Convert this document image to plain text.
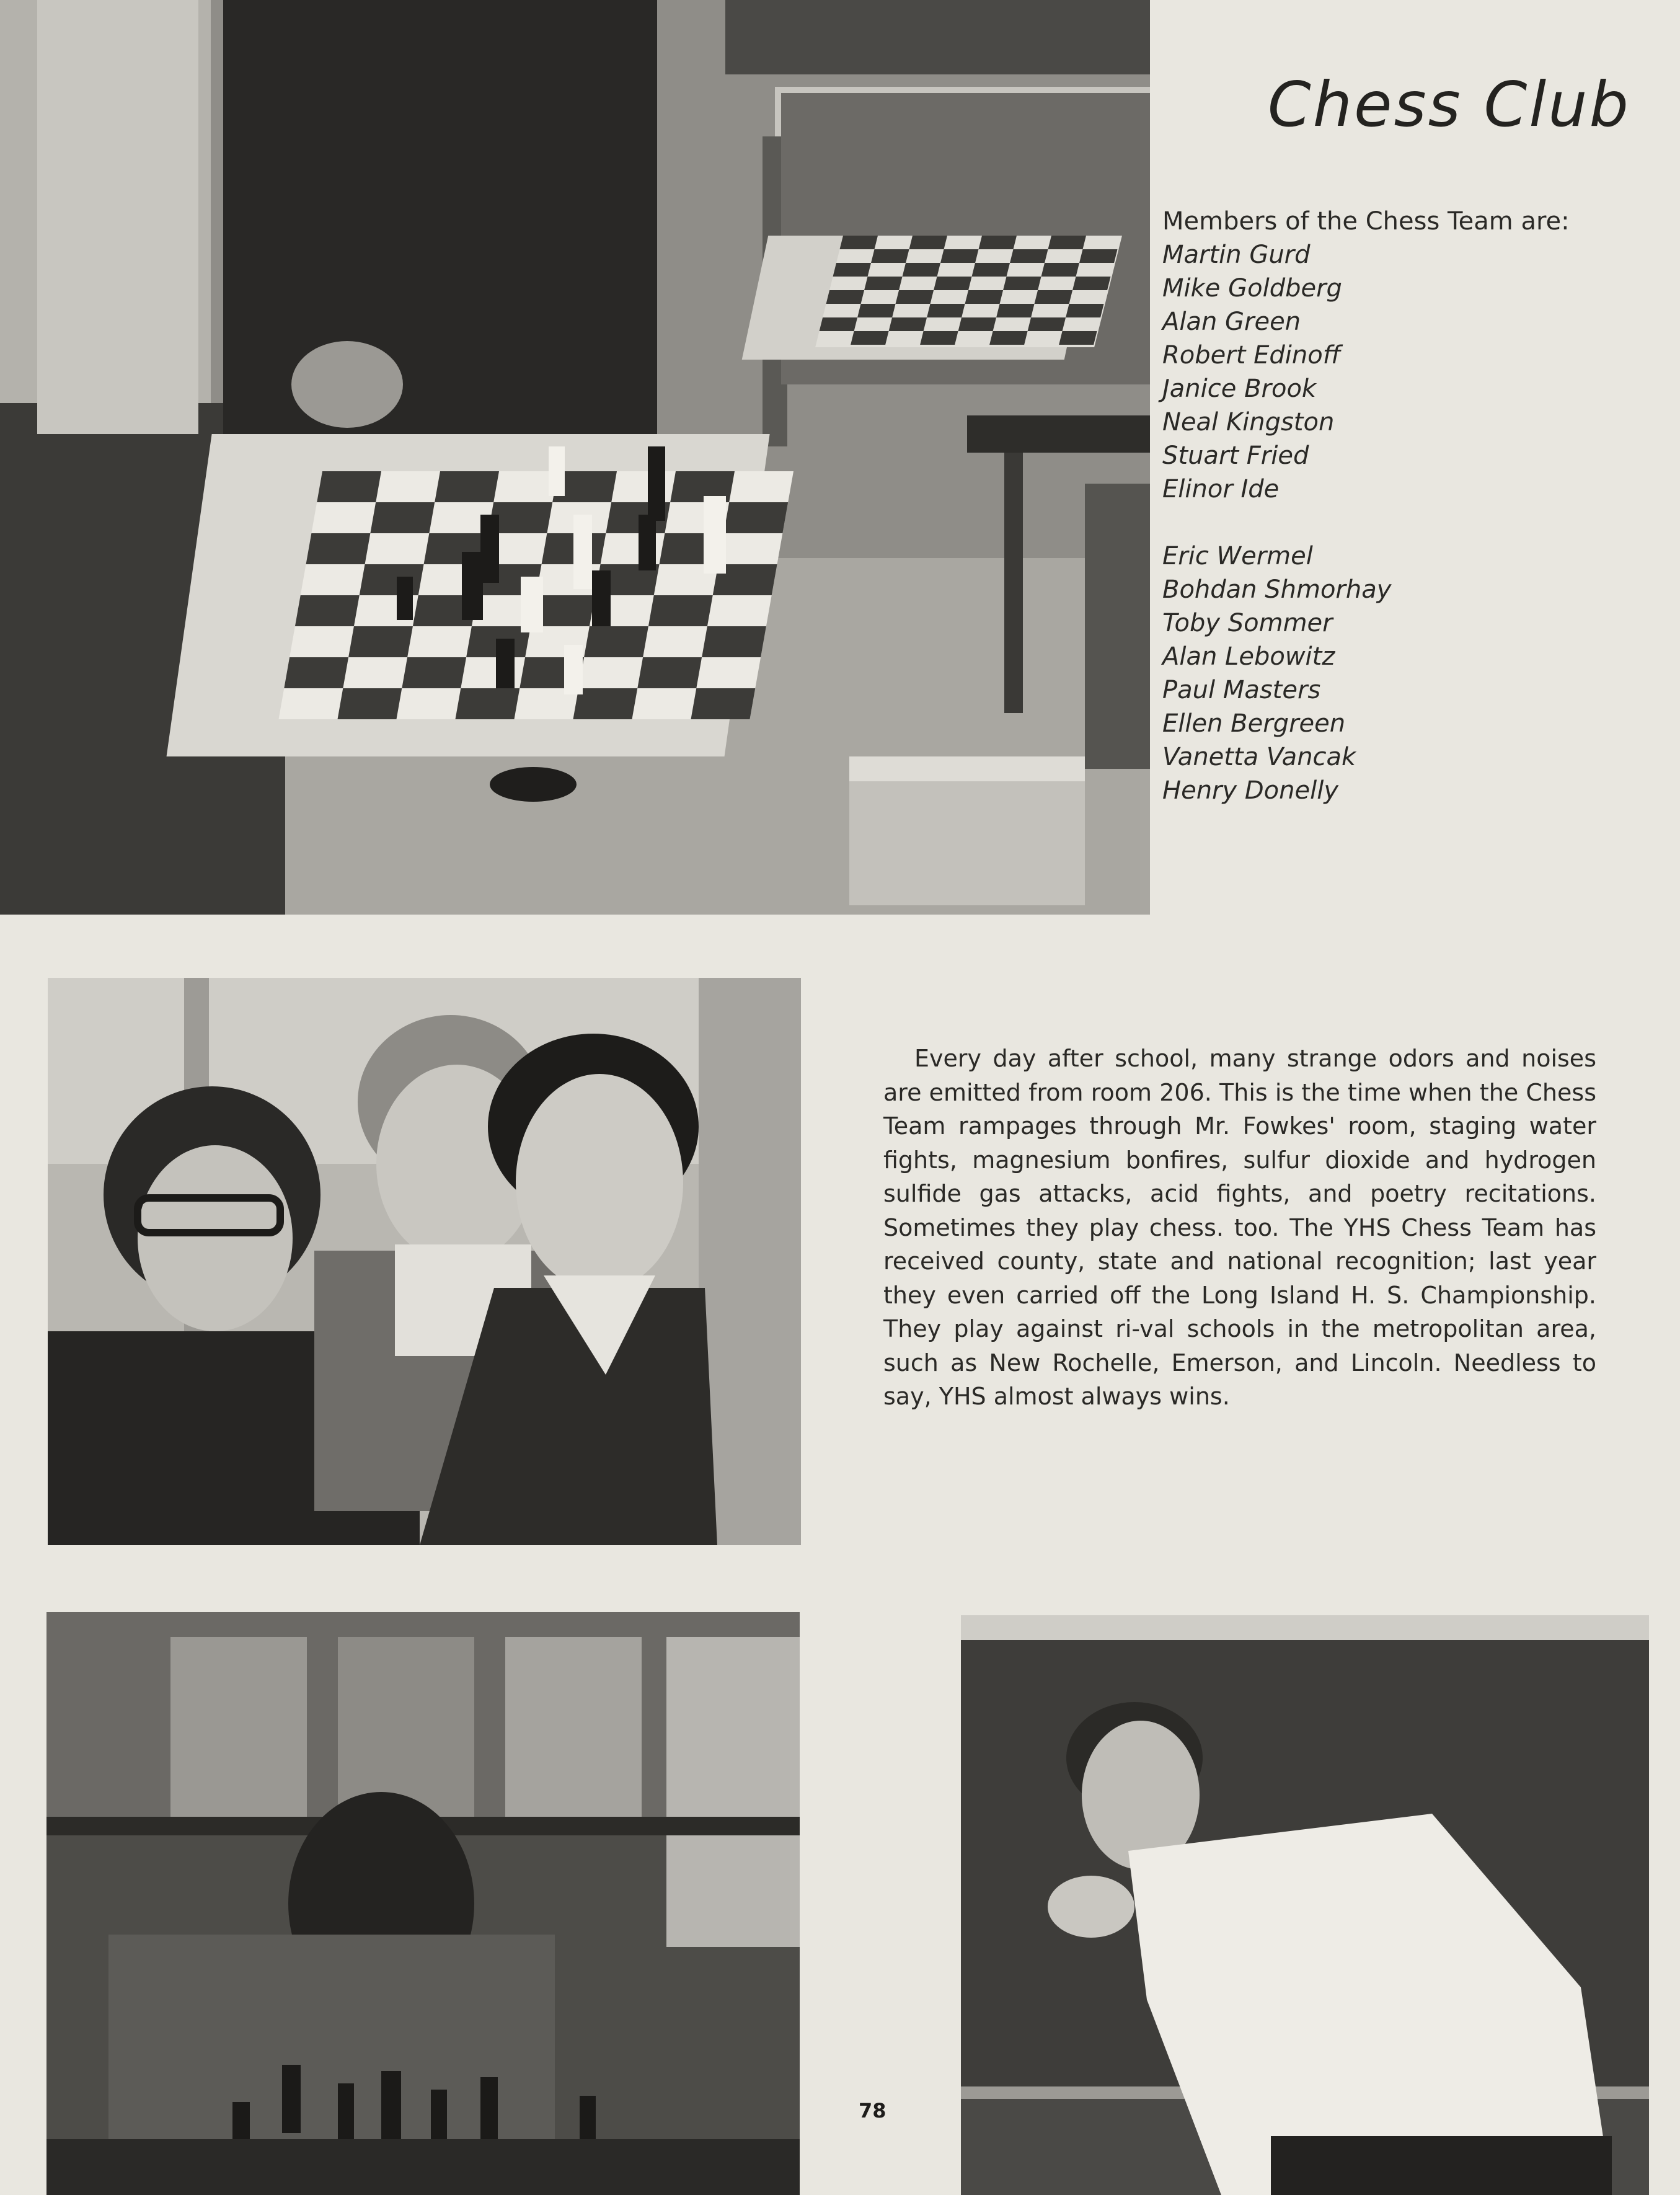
Chess Club
Members of the Chess Team are:
Martin Gurd
Mike Goldberg
Alan Green
Robert Edinoff
Janice Brook
Neal Kingston
Stuart Fried
Elinor Ide
Eric Wermel
Bohdan Shmorhay
Toby Sommer
Alan Lebowitz
Paul Masters
Ellen Bergreen
Vanetta Vancak
Henry Donelly

Every day after school, many strange odors and noises are emitted from room 206. This is the time when the Chess Team rampages through Mr. Fowkes' room, staging water fights, magnesium bonfires, sulfur dioxide and hydrogen sulfide gas attacks, acid fights, and poetry recitations. Sometimes they play chess. too. The YHS Chess Team has received county, state and national recognition; last year they even carried off the Long Island H. S. Championship. They play against ri-val schools in the metropolitan area, such as New Rochelle, Emerson, and Lincoln. Needless to say, YHS almost always wins.

78
